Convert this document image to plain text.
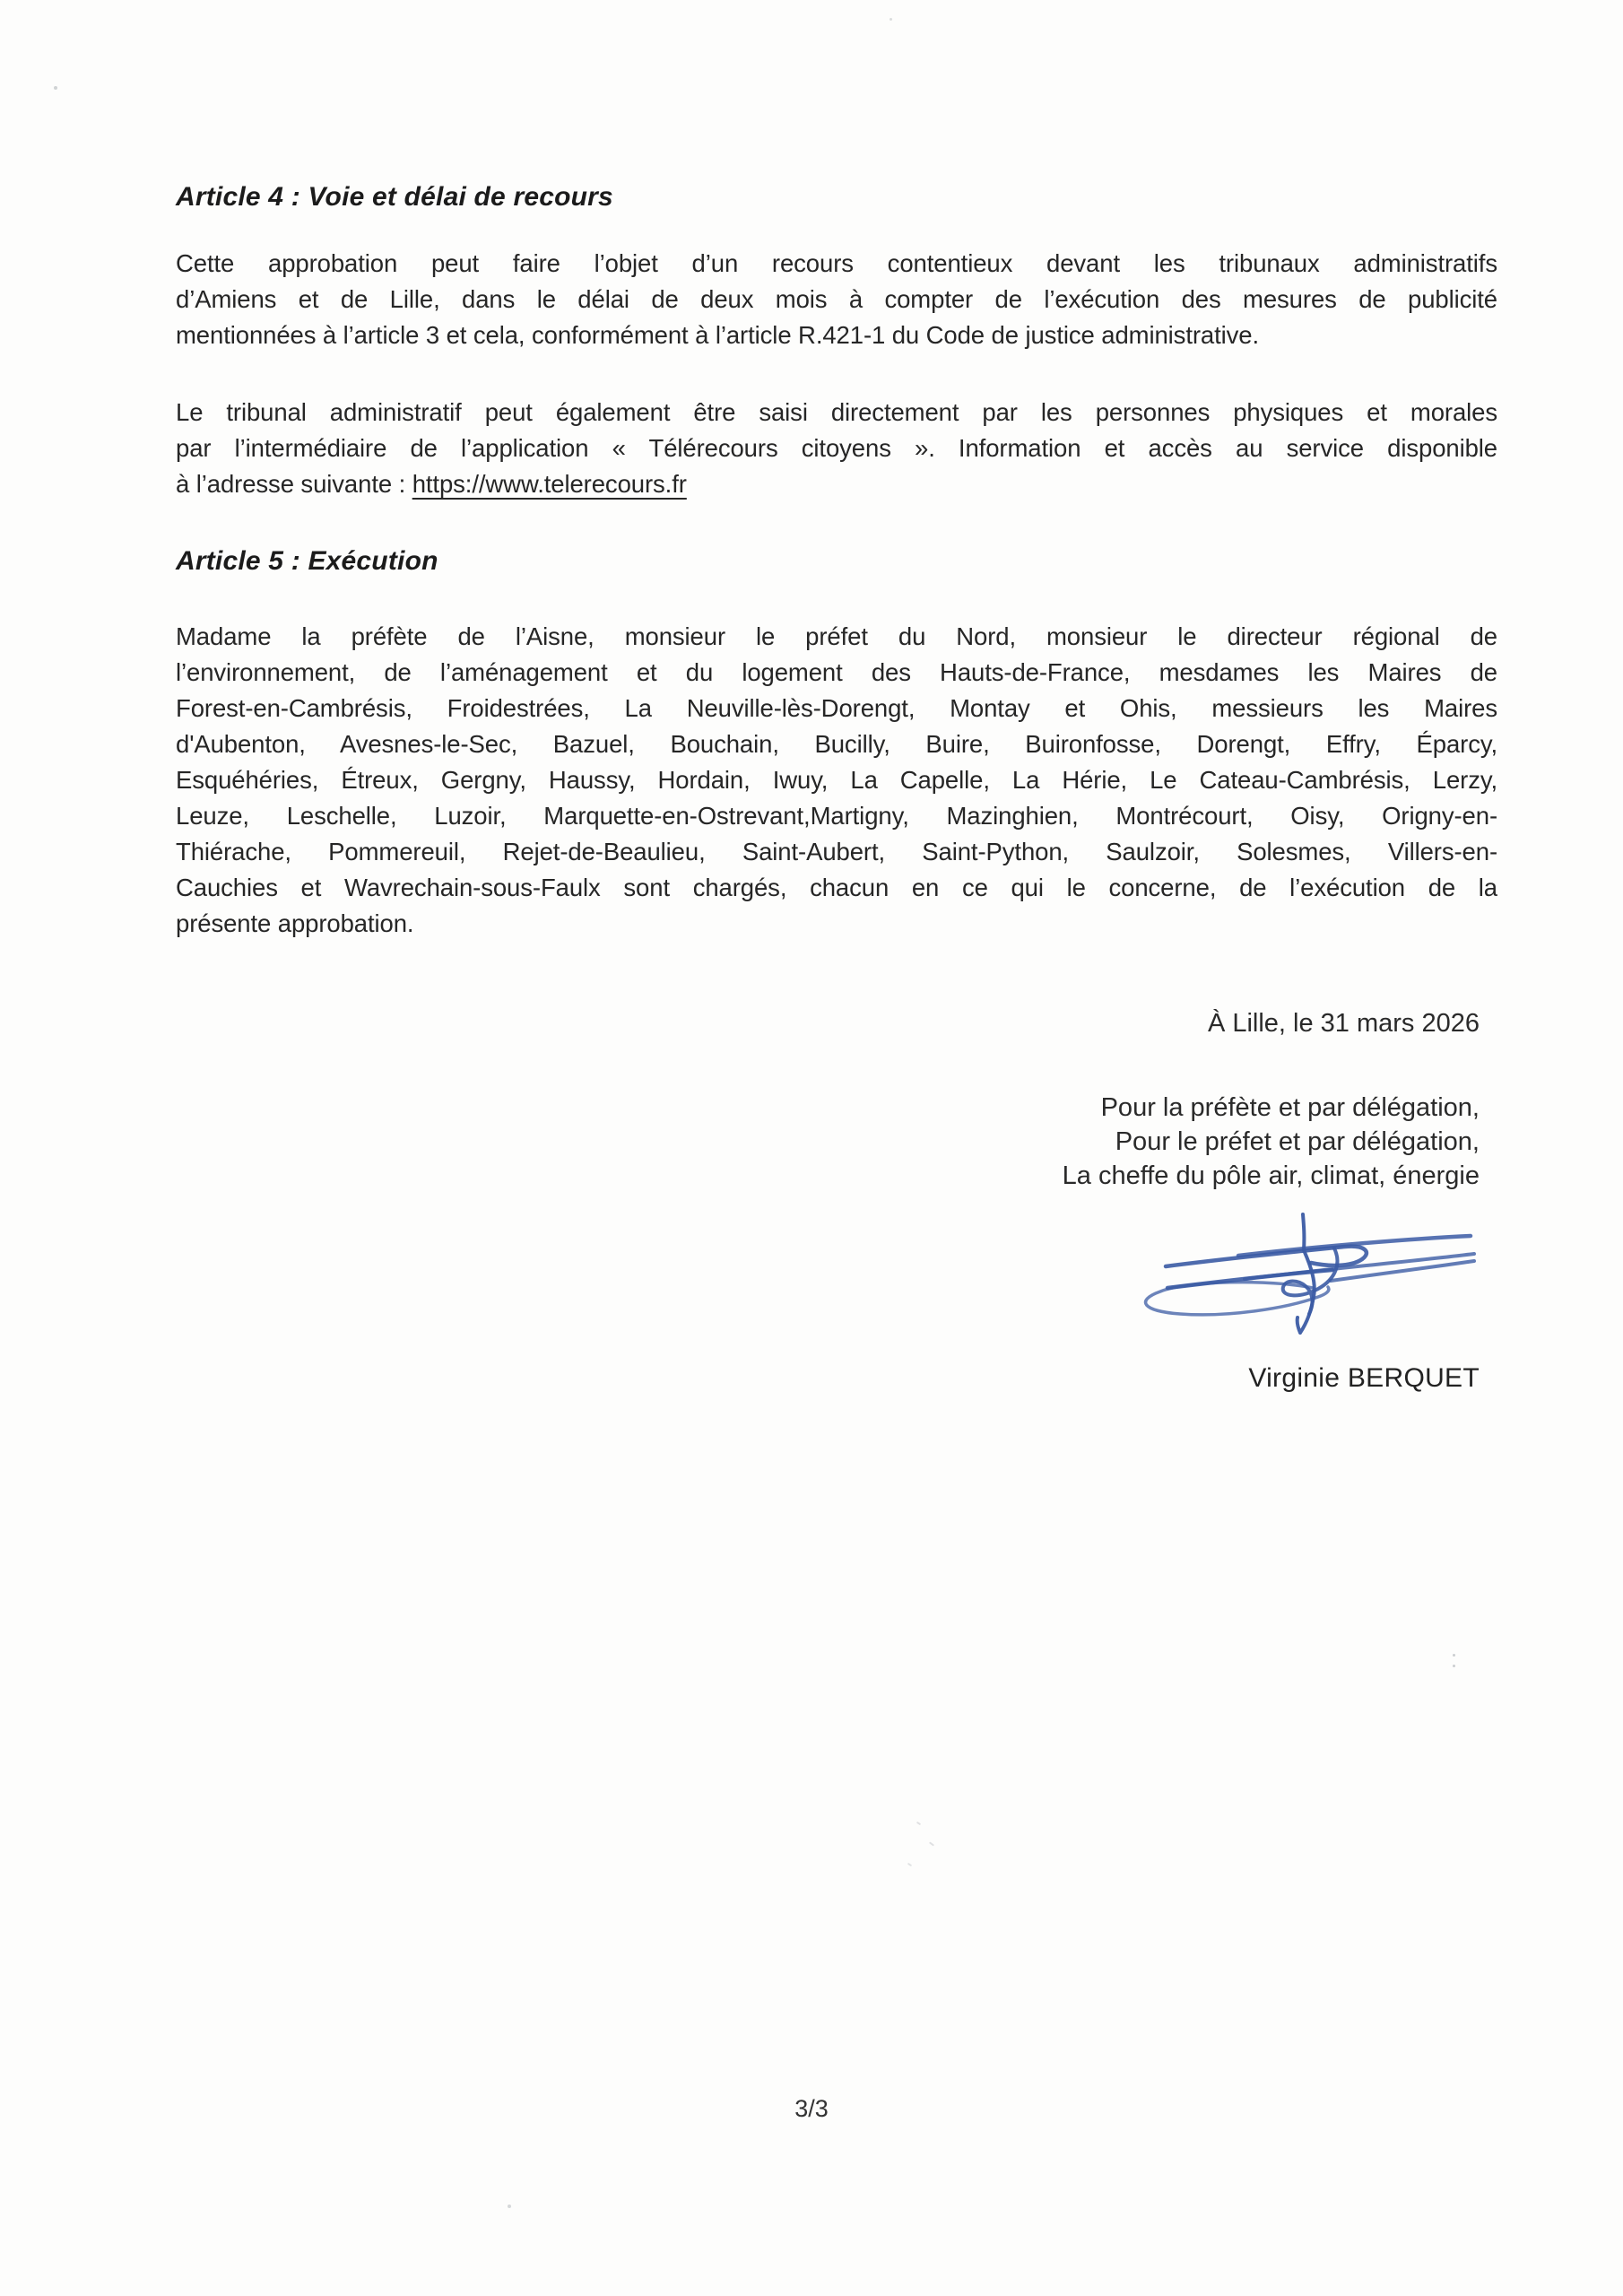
Article 4 : Voie et délai de recours
Cette approbation peut faire l’objet d’un recours contentieux devant les tribunaux administratifs
d’Amiens et de Lille, dans le délai de deux mois à compter de l’exécution des mesures de publicité
mentionnées à l’article 3 et cela, conformément à l’article R.421-1 du Code de justice administrative.
Le tribunal administratif peut également être saisi directement par les personnes physiques et morales
par l’intermédiaire de l’application « Télérecours citoyens ». Information et accès au service disponible
à l’adresse suivante : https://www.telerecours.fr
Article 5 : Exécution
Madame la préfète de l’Aisne, monsieur le préfet du Nord, monsieur le directeur régional de
l’environnement, de l’aménagement et du logement des Hauts-de-France, mesdames les Maires de
Forest-en-Cambrésis, Froidestrées, La Neuville-lès-Dorengt, Montay et Ohis, messieurs les Maires
d'Aubenton, Avesnes-le-Sec, Bazuel, Bouchain, Bucilly, Buire, Buironfosse, Dorengt, Effry, Éparcy,
Esquéhéries, Étreux, Gergny, Haussy, Hordain, Iwuy, La Capelle, La Hérie, Le Cateau-Cambrésis, Lerzy,
Leuze, Leschelle, Luzoir, Marquette-en-Ostrevant,Martigny, Mazinghien, Montrécourt, Oisy, Origny-en-
Thiérache, Pommereuil, Rejet-de-Beaulieu, Saint-Aubert, Saint-Python, Saulzoir, Solesmes, Villers-en-
Cauchies et Wavrechain-sous-Faulx sont chargés, chacun en ce qui le concerne, de l’exécution de la
présente approbation.
À Lille, le 31 mars 2026
Pour la préfète et par délégation,
Pour le préfet et par délégation,
La cheffe du pôle air, climat, énergie
Virginie BERQUET
3/3
